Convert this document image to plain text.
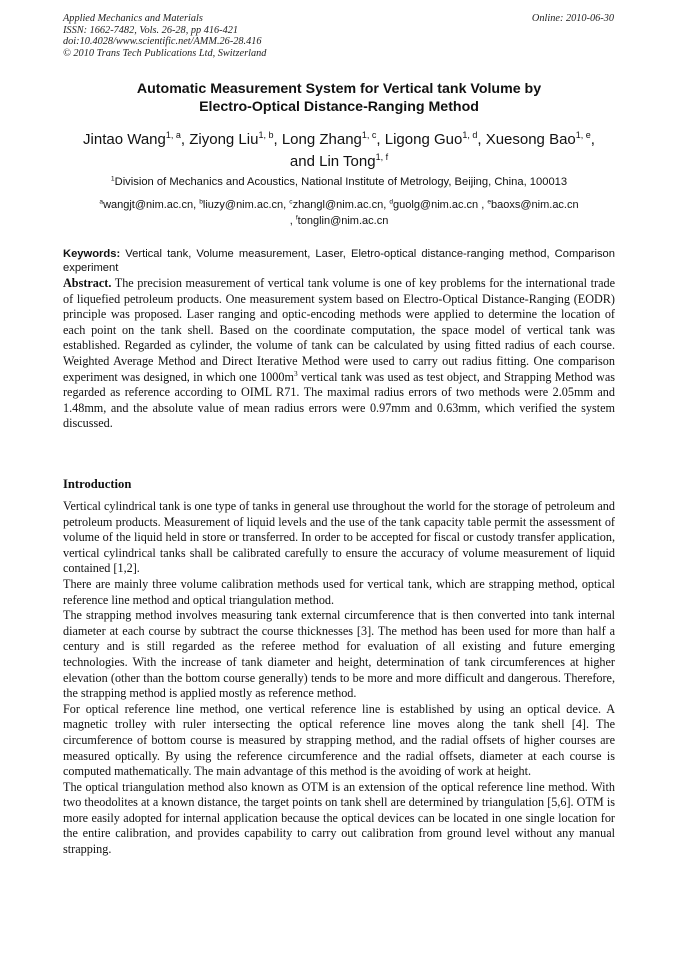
Applied Mechanics and Materials
ISSN: 1662-7482, Vols. 26-28, pp 416-421
doi:10.4028/www.scientific.net/AMM.26-28.416
© 2010 Trans Tech Publications Ltd, Switzerland
Online: 2010-06-30
Automatic Measurement System for Vertical tank Volume by
Electro-Optical Distance-Ranging Method
Jintao Wang$^{1, a}$, Ziyong Liu$^{1, b}$, Long Zhang$^{1, c}$, Ligong Guo$^{1, d}$, Xuesong Bao$^{1, e}$,
and Lin Tong$^{1, f}$
$^1$Division of Mechanics and Acoustics, National Institute of Metrology, Beijing, China, 100013
$^a$wangjt@nim.ac.cn, $^b$liuzy@nim.ac.cn, $^c$zhangl@nim.ac.cn, $^d$guolg@nim.ac.cn , $^e$baoxs@nim.ac.cn
, $^f$tonglin@nim.ac.cn
Keywords: Vertical tank, Volume measurement, Laser, Eletro-optical distance-ranging method, Comparison experiment
Abstract. The precision measurement of vertical tank volume is one of key problems for the international trade of liquefied petroleum products. One measurement system based on Electro-Optical Distance-Ranging (EODR) principle was proposed. Laser ranging and optic-encoding methods were applied to determine the location of each point on the tank shell. Based on the coordinate computation, the space model of vertical tank was established. Regarded as cylinder, the volume of tank can be calculated by using fitted radius of each course. Weighted Average Method and Direct Iterative Method were used to carry out radius fitting. One comparison experiment was designed, in which one $1000m^3$ vertical tank was used as test object, and Strapping Method was regarded as reference according to OIML R71. The maximal radius errors of two methods were 2.05mm and 1.48mm, and the absolute value of mean radius errors were 0.97mm and 0.63mm, which verified the system discussed.
Introduction

Vertical cylindrical tank is one type of tanks in general use throughout the world for the storage of petroleum and petroleum products. Measurement of liquid levels and the use of the tank capacity table permit the assessment of volume of the liquid held in store or transferred. In order to be accepted for fiscal or custody transfer application, vertical cylindrical tanks shall be calibrated carefully to ensure the accuracy of volume measurement of liquid contained [1,2].

There are mainly three volume calibration methods used for vertical tank, which are strapping method, optical reference line method and optical triangulation method.

The strapping method involves measuring tank external circumference that is then converted into tank internal diameter at each course by subtract the course thicknesses [3]. The method has been used for more than half a century and is still regarded as the referee method for evaluation of all existing and future emerging technologies. With the increase of tank diameter and height, determination of tank circumferences at higher elevation (other than the bottom course generally) tends to be more and more difficult and dangerous. Therefore, the strapping method is applied mostly as reference method.

For optical reference line method, one vertical reference line is established by using an optical device. A magnetic trolley with ruler intersecting the optical reference line moves along the tank shell [4]. The circumference of bottom course is measured by strapping method, and the radial offsets of higher courses are measured optically. By using the reference circumference and the radial offsets, diameter at each course is computed mathematically. The main advantage of this method is the avoiding of work at height.

The optical triangulation method also known as OTM is an extension of the optical reference line method. With two theodolites at a known distance, the target points on tank shell are determined by triangulation [5,6]. OTM is more easily adopted for internal application because the optical devices can be located in one single location for the entire calibration, and provides capability to carry out calibration from ground level without any manual strapping.
